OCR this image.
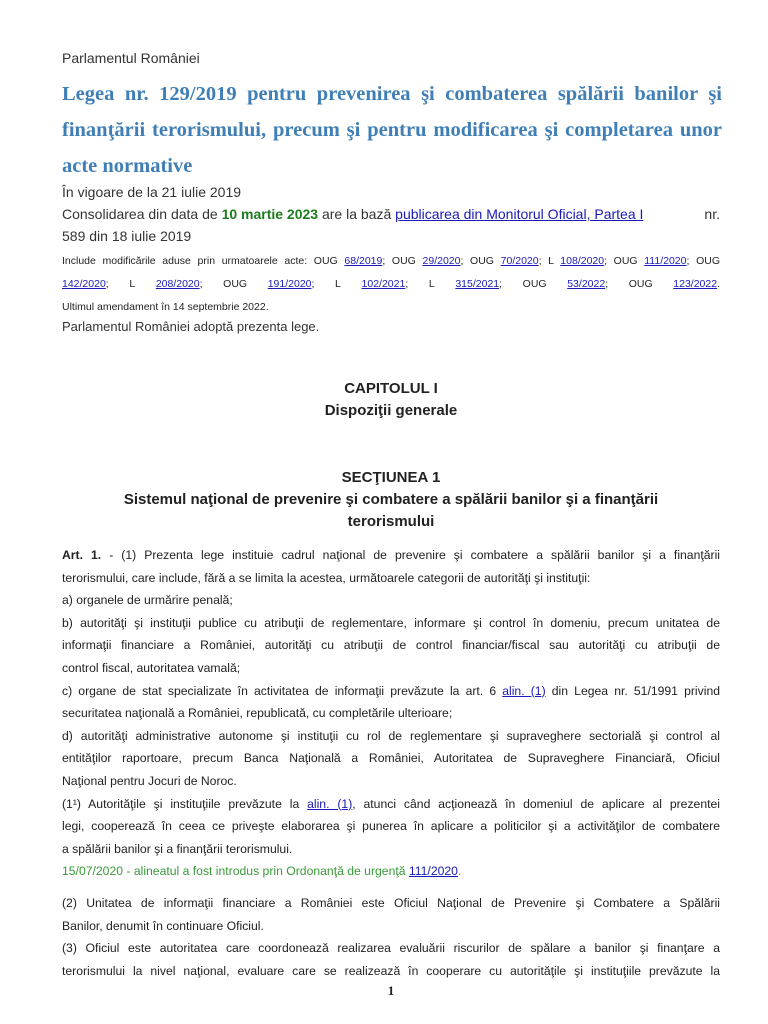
Parlamentul României
Legea nr. 129/2019 pentru prevenirea şi combaterea spălării banilor şi
finanţării terorismului, precum şi pentru modificarea şi completarea unor
acte normative
În vigoare de la 21 iulie 2019
Consolidarea din data de 10 martie 2023 are la bază publicarea din Monitorul Oficial, Partea I	nr.
589 din 18 iulie 2019
Include modificările aduse prin urmatoarele acte: OUG 68/2019; OUG 29/2020; OUG 70/2020; L 108/2020; OUG 111/2020; OUG
142/2020; L 208/2020; OUG 191/2020; L 102/2021; L 315/2021; OUG 53/2022; OUG 123/2022.
Ultimul amendament în 14 septembrie 2022.
Parlamentul României adoptă prezenta lege.
CAPITOLUL I
Dispoziţii generale
SECŢIUNEA 1
Sistemul naţional de prevenire şi combatere a spălării banilor şi a finanţării
terorismului
Art. 1. - (1) Prezenta lege instituie cadrul naţional de prevenire şi combatere a spălării banilor şi a finanţării
terorismului, care include, fără a se limita la acestea, următoarele categorii de autorităţi şi instituţii:
a) organele de urmărire penală;
b) autorităţi şi instituţii publice cu atribuţii de reglementare, informare şi control în domeniu, precum unitatea de
informaţii financiare a României, autorităţi cu atribuţii de control financiar/fiscal sau autorităţi cu atribuţii de
control fiscal, autoritatea vamală;
c) organe de stat specializate în activitatea de informaţii prevăzute la art. 6 alin. (1) din Legea nr. 51/1991 privind
securitatea naţională a României, republicată, cu completările ulterioare;
d) autorităţi administrative autonome şi instituţii cu rol de reglementare şi supraveghere sectorială şi control al
entităţilor raportoare, precum Banca Naţională a României, Autoritatea de Supraveghere Financiară, Oficiul
Naţional pentru Jocuri de Noroc.
(1¹) Autorităţile şi instituţiile prevăzute la alin. (1), atunci când acţionează în domeniul de aplicare al prezentei
legi, cooperează în ceea ce priveşte elaborarea şi punerea în aplicare a politicilor şi a activităţilor de combatere
a spălării banilor şi a finanţării terorismului.
15/07/2020 - alineatul a fost introdus prin Ordonanţă de urgenţă 111/2020.
(2) Unitatea de informaţii financiare a României este Oficiul Naţional de Prevenire şi Combatere a Spălării
Banilor, denumit în continuare Oficiul.
(3) Oficiul este autoritatea care coordonează realizarea evaluării riscurilor de spălare a banilor şi finanţare a
terorismului la nivel naţional, evaluare care se realizează în cooperare cu autorităţile şi instituţiile prevăzute la
1
